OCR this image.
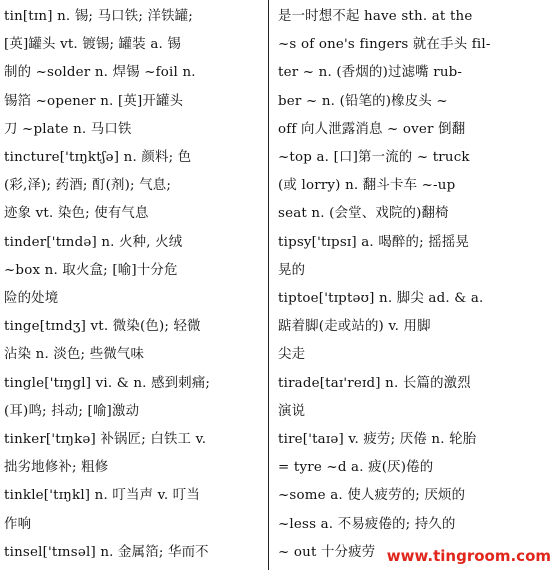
tin[tɪn] n. 锡; 马口铁; 洋铁罐;
[英]罐头 vt. 镀锡; 罐装 a. 锡
制的 ~solder n. 焊锡 ~foil n.
锡箔 ~opener n. [英]开罐头
刀 ~plate n. 马口铁
tincture['tɪŋktʃə] n. 颜料; 色
(彩,泽); 药酒; 酊(剂); 气息;
迹象 vt. 染色; 使有气息
tinder['tɪndə] n. 火种, 火绒
~box n. 取火盒; [喻]十分危
险的处境
tinge[tɪndʒ] vt. 微染(色); 轻微
沾染 n. 淡色; 些微气味
tingle['tɪŋgl] vi. & n. 感到刺痛;
(耳)鸣; 抖动; [喻]激动
tinker['tɪŋkə] 补锅匠; 白铁工 v.
拙劣地修补; 粗修
tinkle['tɪŋkl] n. 叮当声 v. 叮当
作响
tinsel['tɪnsəl] n. 金属箔; 华而不
是一时想不起 have sth. at the
~s of one's fingers 就在手头 fil-
ter ~ n. (香烟的)过滤嘴 rub-
ber ~ n. (铅笔的)橡皮头 ~
off 向人泄露消息 ~ over 倒翻
~top a. [口]第一流的 ~ truck
(或 lorry) n. 翻斗卡车 ~-up
seat n. (会堂、戏院的)翻椅
tipsy['tɪpsɪ] a. 喝醉的; 摇摇晃
晃的
tiptoe['tɪptəʊ] n. 脚尖 ad. & a.
踮着脚(走或站的) v. 用脚
尖走
tirade[taɪ'reɪd] n. 长篇的激烈
演说
tire['taɪə] v. 疲劳; 厌倦 n. 轮胎
= tyre ~d a. 疲(厌)倦的
~some a. 使人疲劳的; 厌烦的
~less a. 不易疲倦的; 持久的
~ out 十分疲劳 www.tingroom.com
